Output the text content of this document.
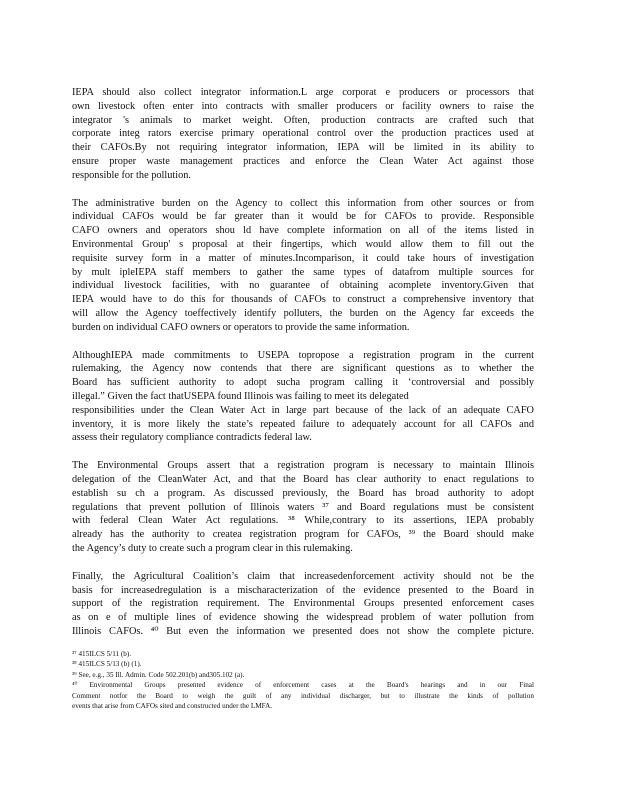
IEPA should also collect integrator information.L arge corporat e producers or processors that
own livestock often enter into contracts with smaller producers or facility owners to raise the
integrator 's animals to market weight. Often, production contracts are crafted such that
corporate integ rators exercise primary operational control over the production practices used at
their CAFOs.By not requiring integrator information, IEPA will be limited in its ability to
ensure proper waste management practices and enforce the Clean Water Act against those
responsible for the pollution.
The administrative burden on the Agency to collect this information from other sources or from
individual CAFOs would be far greater than it would be for CAFOs to provide. Responsible
CAFO owners and operators shou ld have complete information on all of the items listed in
Environmental Group' s proposal at their fingertips, which would allow them to fill out the
requisite survey form in a matter of minutes.Incomparison, it could take hours of investigation
by mult ipleIEPA staff members to gather the same types of datafrom multiple sources for
individual livestock facilities, with no guarantee of obtaining acomplete inventory.Given that
IEPA would have to do this for thousands of CAFOs to construct a comprehensive inventory that
will allow the Agency toeffectively identify polluters, the burden on the Agency far exceeds the
burden on individual CAFO owners or operators to provide the same information.
AlthoughIEPA made commitments to USEPA topropose a registration program in the current
rulemaking, the Agency now contends that there are significant questions as to whether the
Board has sufficient authority to adopt sucha program calling it ‘controversial and possibly
illegal.” Given the fact thatUSEPA found Illinois was failing to meet its delegated
responsibilities under the Clean Water Act in large part because of the lack of an adequate CAFO
inventory, it is more likely the state’s repeated failure to adequately account for all CAFOs and
assess their regulatory compliance contradicts federal law.
The Environmental Groups assert that a registration program is necessary to maintain Illinois
delegation of the CleanWater Act, and that the Board has clear authority to enact regulations to
establish su ch a program. As discussed previously, the Board has broad authority to adopt
regulations that prevent pollution of Illinois waters ³⁷ and Board regulations must be consistent
with federal Clean Water Act regulations. ³⁸ While,contrary to its assertions, IEPA probably
already has the authority to createa registration program for CAFOs, ³⁹ the Board should make
the Agency’s duty to create such a program clear in this rulemaking.
Finally, the Agricultural Coalition’s claim that increasedenforcement activity should not be the
basis for increasedregulation is a mischaracterization of the evidence presented to the Board in
support of the registration requirement. The Environmental Groups presented enforcement cases
as on e of multiple lines of evidence showing the widespread problem of water pollution from
Illinois CAFOs. ⁴⁰ But even the information we presented does not show the complete picture.
³⁷ 415ILCS 5/11 (b).
³⁸ 415ILCS 5/13 (b) (1).
³⁹ See, e.g., 35 Ill. Admin. Code 502.201(b) and305.102 (a).
⁴⁰ Environmental Groups presented evidence of enforcement cases at the Board's hearings and in our Final
Comment notfor the Board to weigh the guilt of any individual discharger, but to illustrate the kinds of pollution
events that arise from CAFOs sited and constructed under the LMFA.
